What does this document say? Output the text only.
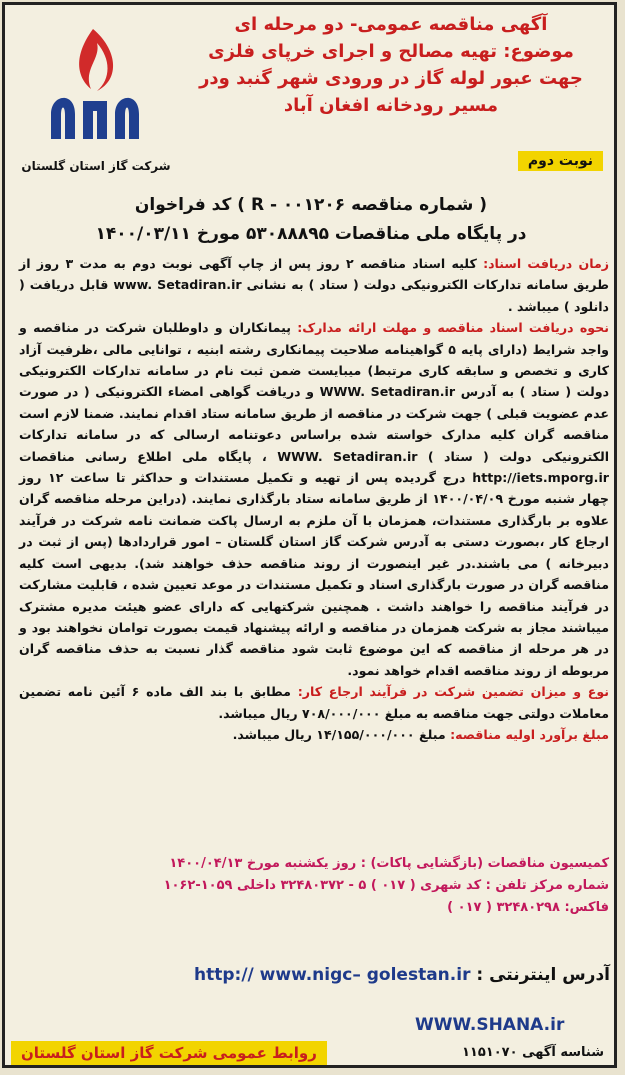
شرکت گاز استان گلستان
آگهی مناقصه عمومی- دو مرحله ای
موضوع: تهیه مصالح و اجرای خرپای فلزی
جهت عبور لوله گاز در ورودی شهر گنبد ودر
مسیر رودخانه افغان آباد
نوبت دوم
( شماره مناقصه R - ۰۰۱۲۰۶ ) کد فراخوان
در پایگاه ملی مناقصات ۵۳۰۸۸۸۹۵ مورخ ۱۴۰۰/۰۳/۱۱

زمان دریافت اسناد: کلیه اسناد مناقصه ۲ روز پس از چاپ آگهی نوبت دوم به مدت ۳ روز از طریق سامانه تدارکات الکترونیکی دولت ( ستاد ) به نشانی www. Setadiran.ir قابل دریافت ( دانلود ) میباشد .

نحوه دریافت اسناد مناقصه و مهلت ارائه مدارک: پیمانکاران و داوطلبان شرکت در مناقصه و واجد شرایط (دارای پایه ۵ گواهینامه صلاحیت پیمانکاری رشته ابنیه ، توانایی مالی ،ظرفیت آزاد کاری و تخصص و سابقه کاری مرتبط) میبایست ضمن ثبت نام در سامانه تدارکات الکترونیکی دولت ( ستاد ) به آدرس WWW. Setadiran.ir و دریافت گواهی امضاء الکترونیکی ( در صورت عدم عضویت قبلی ) جهت شرکت در مناقصه از طریق سامانه ستاد اقدام نمایند. ضمنا لازم است مناقصه گران کلیه مدارک خواسته شده براساس دعوتنامه ارسالی که در سامانه تدارکات الکترونیکی دولت ( ستاد ) WWW. Setadiran.ir ، پایگاه ملی اطلاع رسانی مناقصات http://iets.mporg.ir درج گردیده پس از تهیه و تکمیل مستندات و حداکثر تا ساعت ۱۲ روز چهار شنبه مورخ ۱۴۰۰/۰۴/۰۹ از طریق سامانه ستاد بارگذاری نمایند. (دراین مرحله مناقصه گران علاوه بر بارگذاری مستندات، همزمان با آن ملزم به ارسال پاکت ضمانت نامه شرکت در فرآیند ارجاع کار ،بصورت دستی به آدرس شرکت گاز استان گلستان – امور قراردادها (پس از ثبت در دبیرخانه ) می باشند.در غیر اینصورت از روند مناقصه حذف خواهند شد). بدیهی است کلیه مناقصه گران در صورت بارگذاری اسناد و تکمیل مستندات در موعد تعیین شده ، قابلیت مشارکت در فرآیند مناقصه را خواهند داشت . همچنین شرکتهایی که دارای عضو هیئت مدیره مشترک میباشند مجاز به شرکت همزمان در مناقصه و ارائه پیشنهاد قیمت بصورت توامان نخواهند بود و در هر مرحله از مناقصه که این موضوع ثابت شود مناقصه گذار نسبت به حذف مناقصه گران مربوطه از روند مناقصه اقدام خواهد نمود.

نوع و میزان تضمین شرکت در فرآیند ارجاع کار: مطابق با بند الف ماده ۶ آئین نامه تضمین معاملات دولتی جهت مناقصه به مبلغ ۷۰۸/۰۰۰/۰۰۰ ریال میباشد.

مبلغ برآورد اولیه مناقصه: مبلغ ۱۴/۱۵۵/۰۰۰/۰۰۰ ریال میباشد.

کمیسیون مناقصات (بازگشایی پاکات) : روز یکشنبه مورخ ۱۴۰۰/۰۴/۱۳
شماره مرکز تلفن : کد شهری ( ۰۱۷ ) ۵ - ۳۲۴۸۰۳۷۲ داخلی ۱۰۵۹-۱۰۶۲
فاکس: ۳۲۴۸۰۲۹۸ ( ۰۱۷ )
آدرس اینترنتی : http:// www.nigc– golestan.ir
WWW.SHANA.ir
روابط عمومی شرکت گاز استان گلستان	شناسه آگهی ۱۱۵۱۰۷۰
